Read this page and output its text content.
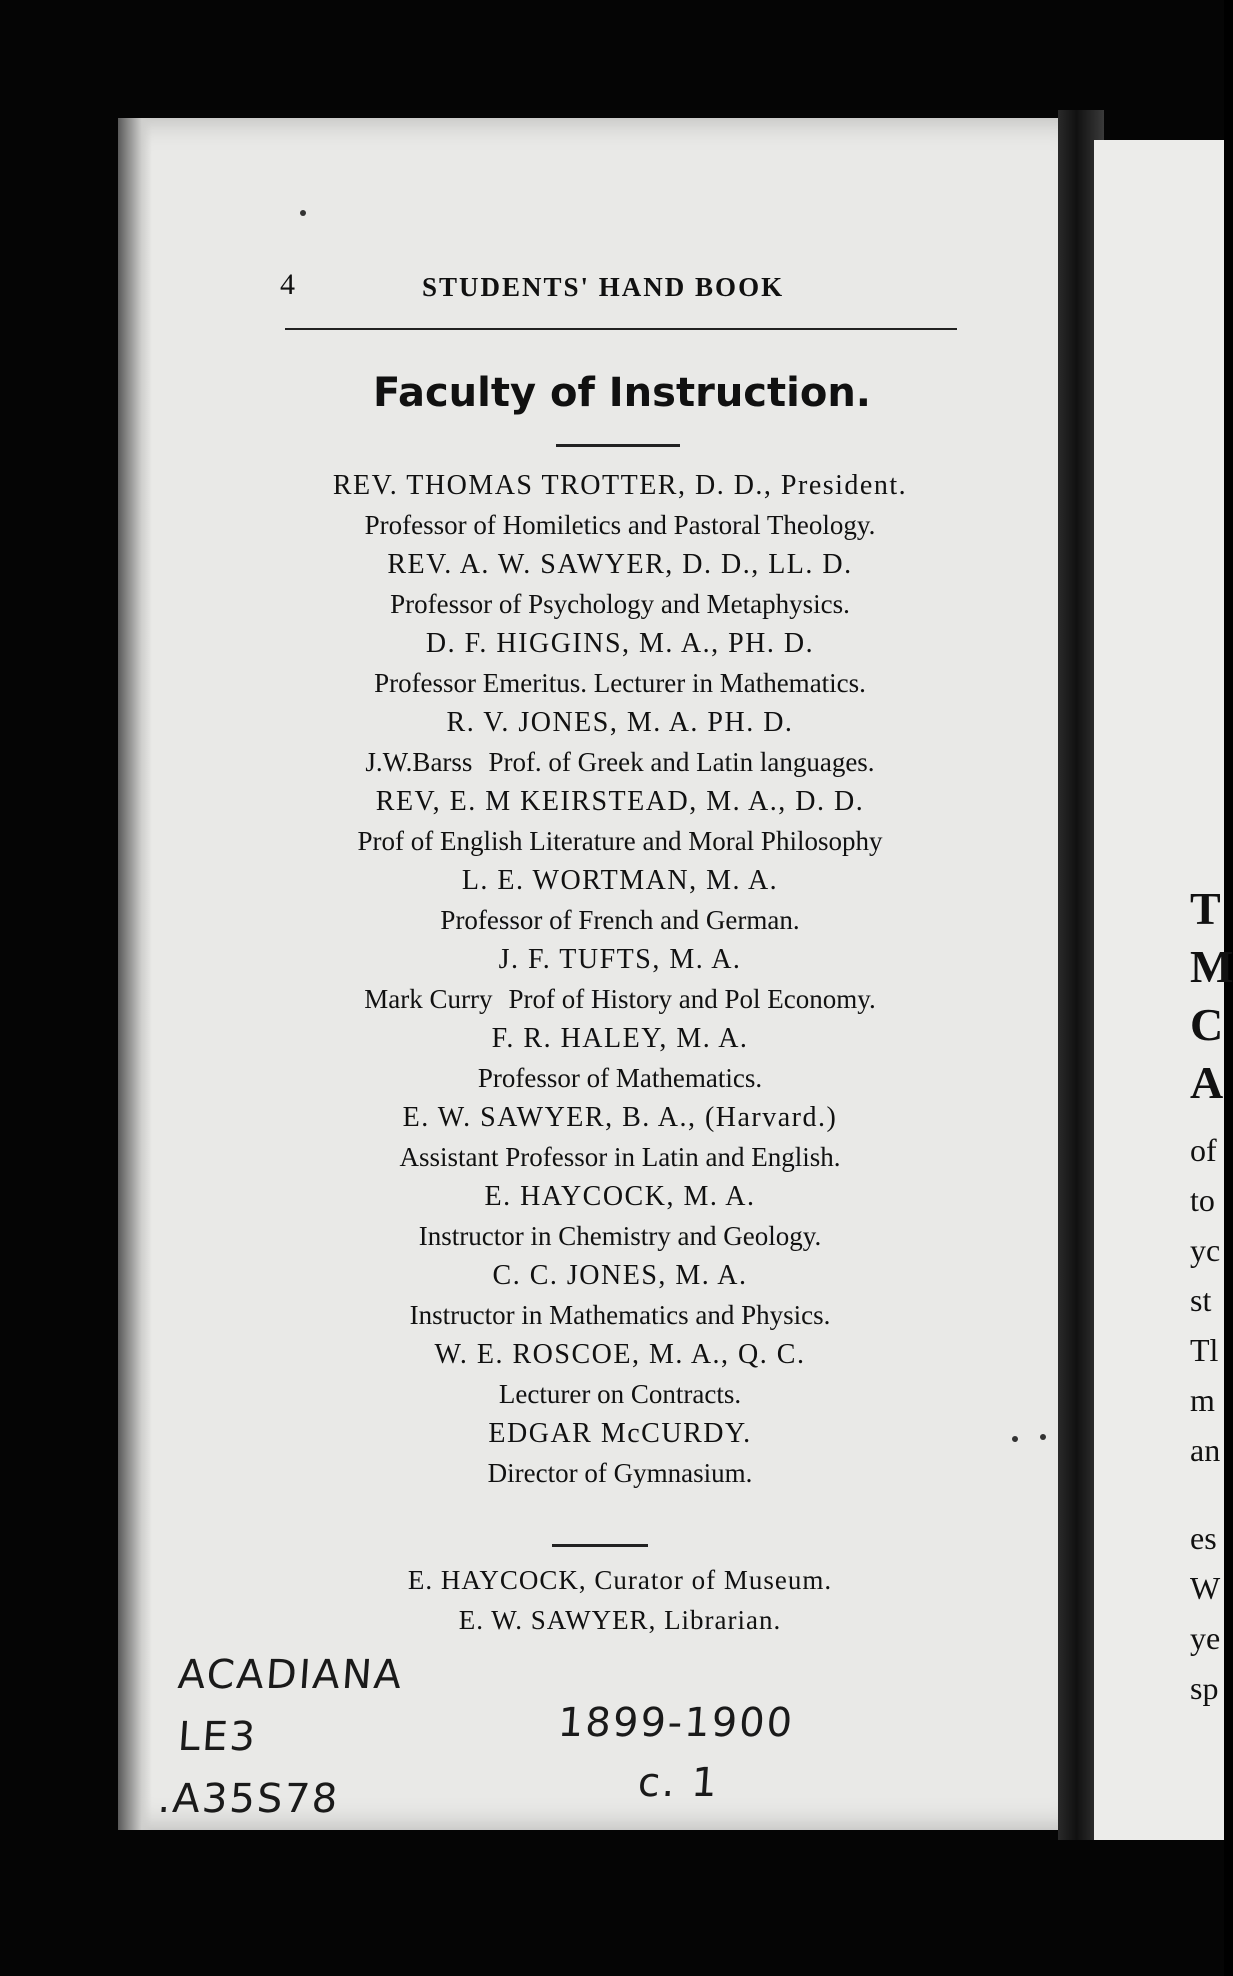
T
M
C
A
of
to
yc
st
Tl
m
an
es
W
ye
sp
4	STUDENTS' HAND BOOK
Faculty of Instruction.
REV. THOMAS TROTTER, D. D., President.
Professor of Homiletics and Pastoral Theology.
REV. A. W. SAWYER, D. D., LL. D.
Professor of Psychology and Metaphysics.
D. F. HIGGINS, M. A., PH. D.
Professor Emeritus. Lecturer in Mathematics.
R. V. JONES, M. A. PH. D.
J.W.Barss Prof. of Greek and Latin languages.
REV, E. M KEIRSTEAD, M. A., D. D.
Prof of English Literature and Moral Philosophy
L. E. WORTMAN, M. A.
Professor of French and German.
J. F. TUFTS, M. A.
Mark Curry Prof of History and Pol Economy.
F. R. HALEY, M. A.
Professor of Mathematics.
E. W. SAWYER, B. A., (Harvard.)
Assistant Professor in Latin and English.
E. HAYCOCK, M. A.
Instructor in Chemistry and Geology.
C. C. JONES, M. A.
Instructor in Mathematics and Physics.
W. E. ROSCOE, M. A., Q. C.
Lecturer on Contracts.
EDGAR McCURDY.
Director of Gymnasium.
E. HAYCOCK, Curator of Museum.
E. W. SAWYER, Librarian.
ACADIANA
LE3
.A35S78
1899-1900
c. 1
